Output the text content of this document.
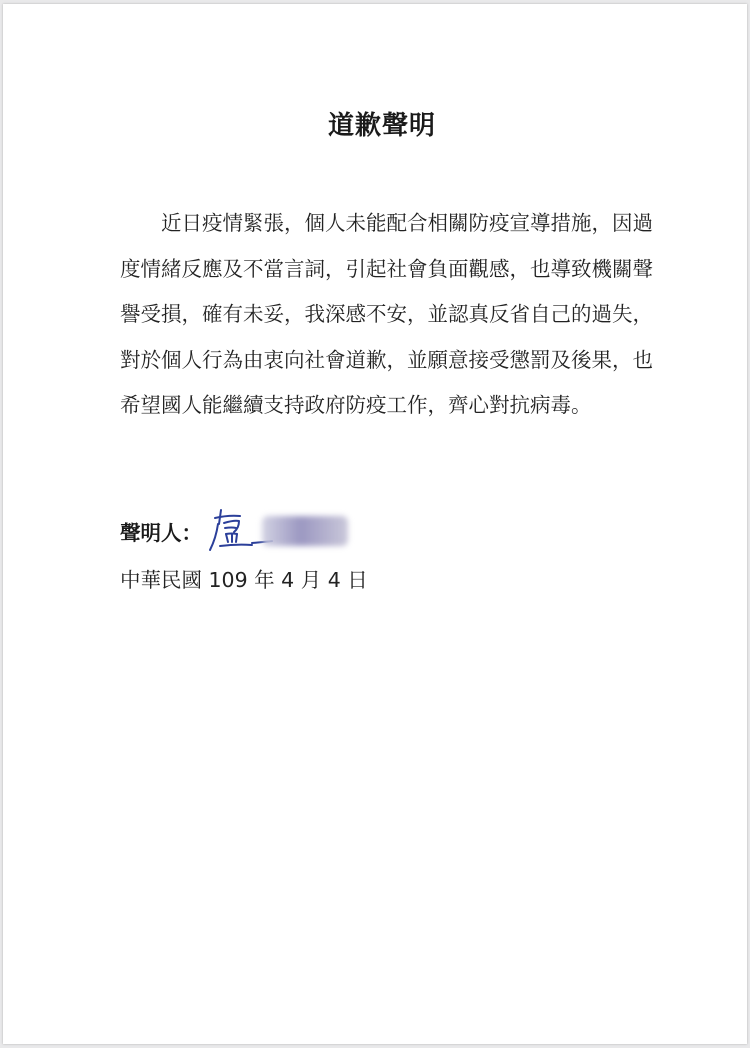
道歉聲明
近日疫情緊張，個人未能配合相關防疫宣導措施，因過
度情緒反應及不當言詞，引起社會負面觀感，也導致機關聲
譽受損，確有未妥，我深感不安，並認真反省自己的過失，
對於個人行為由衷向社會道歉，並願意接受懲罰及後果，也
希望國人能繼續支持政府防疫工作，齊心對抗病毒。
聲明人：
中華民國 109 年 4 月 4 日
